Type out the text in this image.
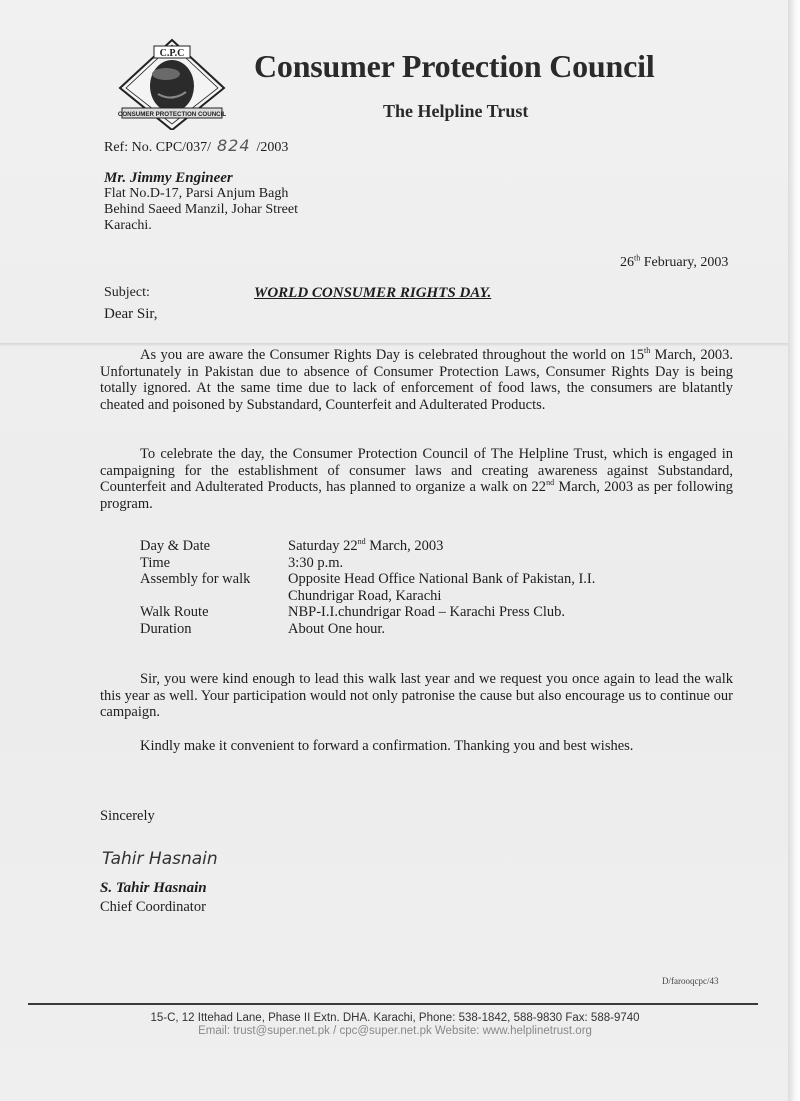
C.P.C
CONSUMER PROTECTION COUNCIL
Consumer Protection Council
The Helpline Trust
Ref: No. CPC/037/ 824 /2003
Mr. Jimmy Engineer
Flat No.D-17, Parsi Anjum Bagh
Behind Saeed Manzil, Johar Street
Karachi.
26th February, 2003
Subject:	WORLD CONSUMER RIGHTS DAY.
Dear Sir,
As you are aware the Consumer Rights Day is celebrated throughout the world on 15th March, 2003. Unfortunately in Pakistan due to absence of Consumer Protection Laws, Consumer Rights Day is being totally ignored. At the same time due to lack of enforcement of food laws, the consumers are blatantly cheated and poisoned by Substandard, Counterfeit and Adulterated Products.
To celebrate the day, the Consumer Protection Council of The Helpline Trust, which is engaged in campaigning for the establishment of consumer laws and creating awareness against Substandard, Counterfeit and Adulterated Products, has planned to organize a walk on 22nd March, 2003 as per following program.
Day & Date	Saturday 22nd March, 2003
Time	3:30 p.m.
Assembly for walk	Opposite Head Office National Bank of Pakistan, I.I.
Chundrigar Road, Karachi
Walk Route	NBP-I.I.chundrigar Road – Karachi Press Club.
Duration	About One hour.
Sir, you were kind enough to lead this walk last year and we request you once again to lead the walk this year as well. Your participation would not only patronise the cause but also encourage us to continue our campaign.
Kindly make it convenient to forward a confirmation. Thanking you and best wishes.
Sincerely
Tahir Hasnain
S. Tahir Hasnain
Chief Coordinator
D/farooqcpc/43
15-C, 12 Ittehad Lane, Phase II Extn. DHA. Karachi, Phone: 538-1842, 588-9830 Fax: 588-9740
Email: trust@super.net.pk / cpc@super.net.pk Website: www.helplinetrust.org
